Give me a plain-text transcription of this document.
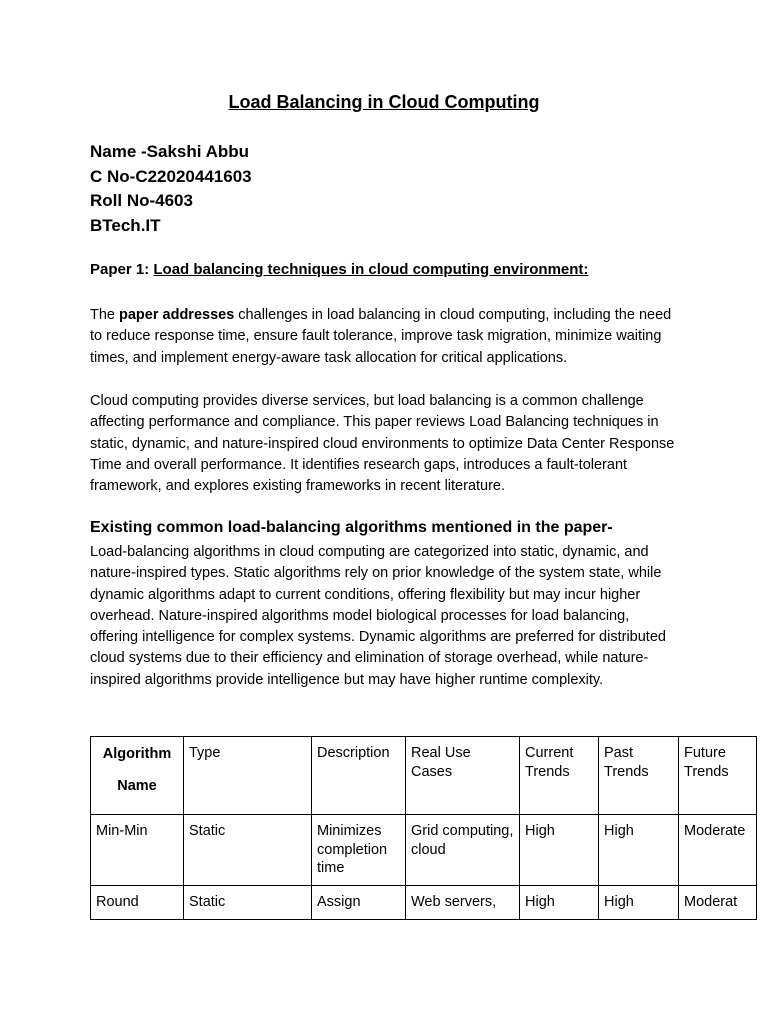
Load Balancing in Cloud Computing
Name -Sakshi Abbu
C No-C22020441603
Roll No-4603
BTech.IT
Paper 1: Load balancing techniques in cloud computing environment:
The paper addresses challenges in load balancing in cloud computing, including the need to reduce response time, ensure fault tolerance, improve task migration, minimize waiting times, and implement energy-aware task allocation for critical applications.
Cloud computing provides diverse services, but load balancing is a common challenge affecting performance and compliance. This paper reviews Load Balancing techniques in static, dynamic, and nature-inspired cloud environments to optimize Data Center Response Time and overall performance. It identifies research gaps, introduces a fault-tolerant framework, and explores existing frameworks in recent literature.
Existing common load-balancing algorithms mentioned in the paper-
Load-balancing algorithms in cloud computing are categorized into static, dynamic, and nature-inspired types. Static algorithms rely on prior knowledge of the system state, while dynamic algorithms adapt to current conditions, offering flexibility but may incur higher overhead. Nature-inspired algorithms model biological processes for load balancing, offering intelligence for complex systems. Dynamic algorithms are preferred for distributed cloud systems due to their efficiency and elimination of storage overhead, while nature-inspired algorithms provide intelligence but may have higher runtime complexity.
Algorithm Name	Type	Description	Real Use Cases	Current Trends	Past Trends	Future Trends
Min-Min	Static	Minimizes completion time	Grid computing, cloud	High	High	Moderate
Round	Static	Assign	Web servers,	High	High	Moderat
